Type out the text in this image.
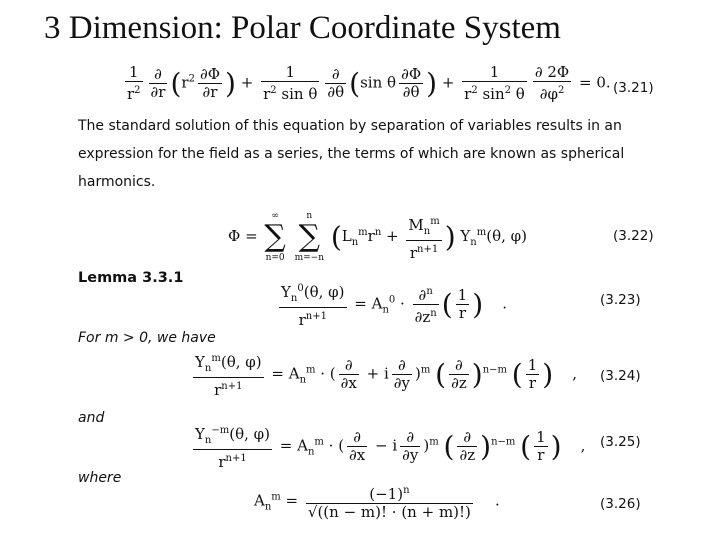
3 Dimension: Polar Coordinate System
$\frac{1}{r^2} \frac{\partial}{\partial r} (r^2 \frac{\partial\Phi}{\partial r}$ ) + $\frac{1}{r^2 \sin \theta} \frac{\partial}{\partial\theta} (\sin$ θ $\frac{\partial\Phi}{\partial\theta}$ ) + $\frac{1}{r^2 \sin^2 \theta} \frac{\partial 2\Phi}{\partial\varphi^2} = 0$. (3.21)
The standard solution of this equation by separation of variables results in an
expression for the field as a series, the terms of which are known as spherical
harmonics.
Φ =
∞
∑
n=0

n
∑
m=−n
($L_n^mr^n + \frac{M_n^m}{r^{n+1}}$ ) $Y_n^m(\theta$, φ)	(3.22)
Lemma 3.3.1
$\frac{Y_n^0(\theta, \varphi)}{r^{n+1}} = A_n^0 \cdot \frac{\partial^n}{\partial z^n}$ ( $\frac{1}{r}$ )    .	(3.23)
For m > 0, we have
$\frac{Y_n^m(\theta, \varphi)}{r^{n+1}} = A_n^m$ · ( $\frac{\partial}{\partial x} + i \frac{\partial}{\partial y} )^m$ ( $\frac{\partial}{\partial z} )^{n-m}$ ( $\frac{1}{r}$ )    , (3.24)
and
$\frac{Y_n^{-m}(\theta, \varphi)}{r^{n+1}} = A_n^m$ · ( $\frac{\partial}{\partial x} - i \frac{\partial}{\partial y} )^m$ ( $\frac{\partial}{\partial z} )^{n-m}$ ( $\frac{1}{r}$ )    , (3.25)
where
$A_n^m = \frac{(-1)^n}{√((n - m)! \cdot (n + m)!)}$ .	(3.26)
